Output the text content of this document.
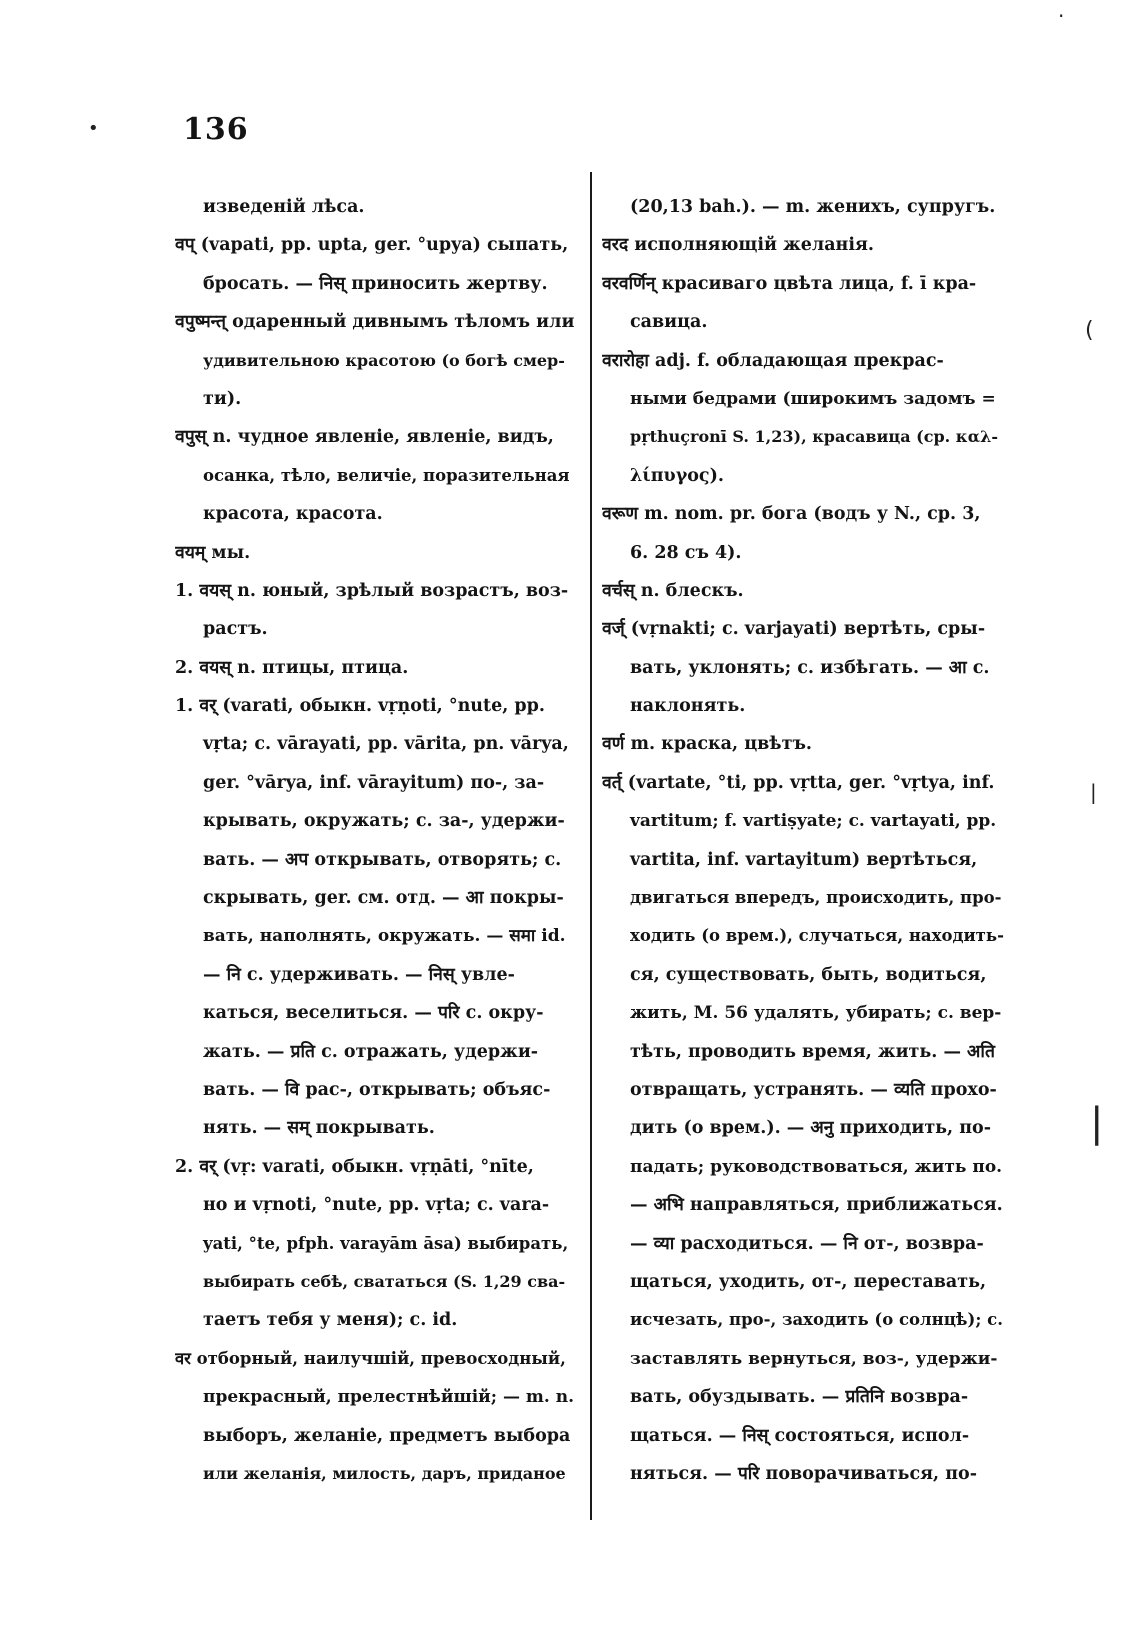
136
·
•
(
|
|
изведеній лѣса.
वप् (vapati, pp. upta, ger. °upya) сыпать,
бросать. — निस् приносить жертву.
वपुष्मन्त् одаренный дивнымъ тѣломъ или
удивительною красотою (о богѣ смер-
ти).
वपुस् n. чудное явленіе, явленіе, видъ,
осанка, тѣло, величіе, поразительная
красота, красота.
वयम् мы.
1. वयस् n. юный, зрѣлый возрастъ, воз-
растъ.
2. वयस् n. птицы, птица.
1. वर् (varati, обыкн. vṛṇoti, °nute, pp.
vṛta; c. vārayati, pp. vārita, pn. vārya,
ger. °vārya, inf. vārayitum) по-, за-
крывать, окружать; c. за-, удержи-
вать. — अप открывать, отворять; c.
скрывать, ger. см. отд. — आ покры-
вать, наполнять, окружать. — समा id.
— नि c. удерживать. — निस् увле-
каться, веселиться. — परि c. окру-
жать. — प्रति c. отражать, удержи-
вать. — वि рас-, открывать; объяс-
нять. — सम् покрывать.
2. वर् (vṛ: varati, обыкн. vṛṇāti, °nīte,
но и vṛnoti, °nute, pp. vṛta; c. vara-
yati, °te, pfph. varayām āsa) выбирать,
выбирать себѣ, свататься (S. 1,29 сва-
таетъ тебя у меня); c. id.
वर отборный, наилучшій, превосходный,
прекрасный, прелестнѣйшій; — m. n.
выборъ, желаніе, предметъ выбора
или желанія, милость, даръ, приданое
(20,13 bah.). — m. женихъ, супругъ.
वरद исполняющій желанія.
वरवर्णिन् красиваго цвѣта лица, f. ī кра-
савица.
वरारोहा adj. f. обладающая прекрас-
ными бедрами (широкимъ задомъ =
pṛthuçronī S. 1,23), красавица (ср. καλ-
λίπυγος).
वरूण m. nom. pr. бога (водъ у N., ср. 3,
6. 28 съ 4).
वर्चस् n. блескъ.
वर्ज् (vṛnakti; c. varjayati) вертѣть, сры-
вать, уклонять; c. избѣгать. — आ c.
наклонять.
वर्ण m. краска, цвѣтъ.
वर्त् (vartate, °ti, pp. vṛtta, ger. °vṛtya, inf.
vartitum; f. vartiṣyate; c. vartayati, pp.
vartita, inf. vartayitum) вертѣться,
двигаться впередъ, происходить, про-
ходить (о врем.), случаться, находить-
ся, существовать, быть, водиться,
жить, M. 56 удалять, убирать; c. вер-
тѣть, проводить время, жить. — अति
отвращать, устранять. — व्यति прохо-
дить (о врем.). — अनु приходить, по-
падать; руководствоваться, жить по.
— अभि направляться, приближаться.
— व्या расходиться. — नि от-, возвра-
щаться, уходить, от-, переставать,
исчезать, про-, заходить (о солнцѣ); c.
заставлять вернуться, воз-, удержи-
вать, обуздывать. — प्रतिनि возвра-
щаться. — निस् состояться, испол-
няться. — परि поворачиваться, по-
